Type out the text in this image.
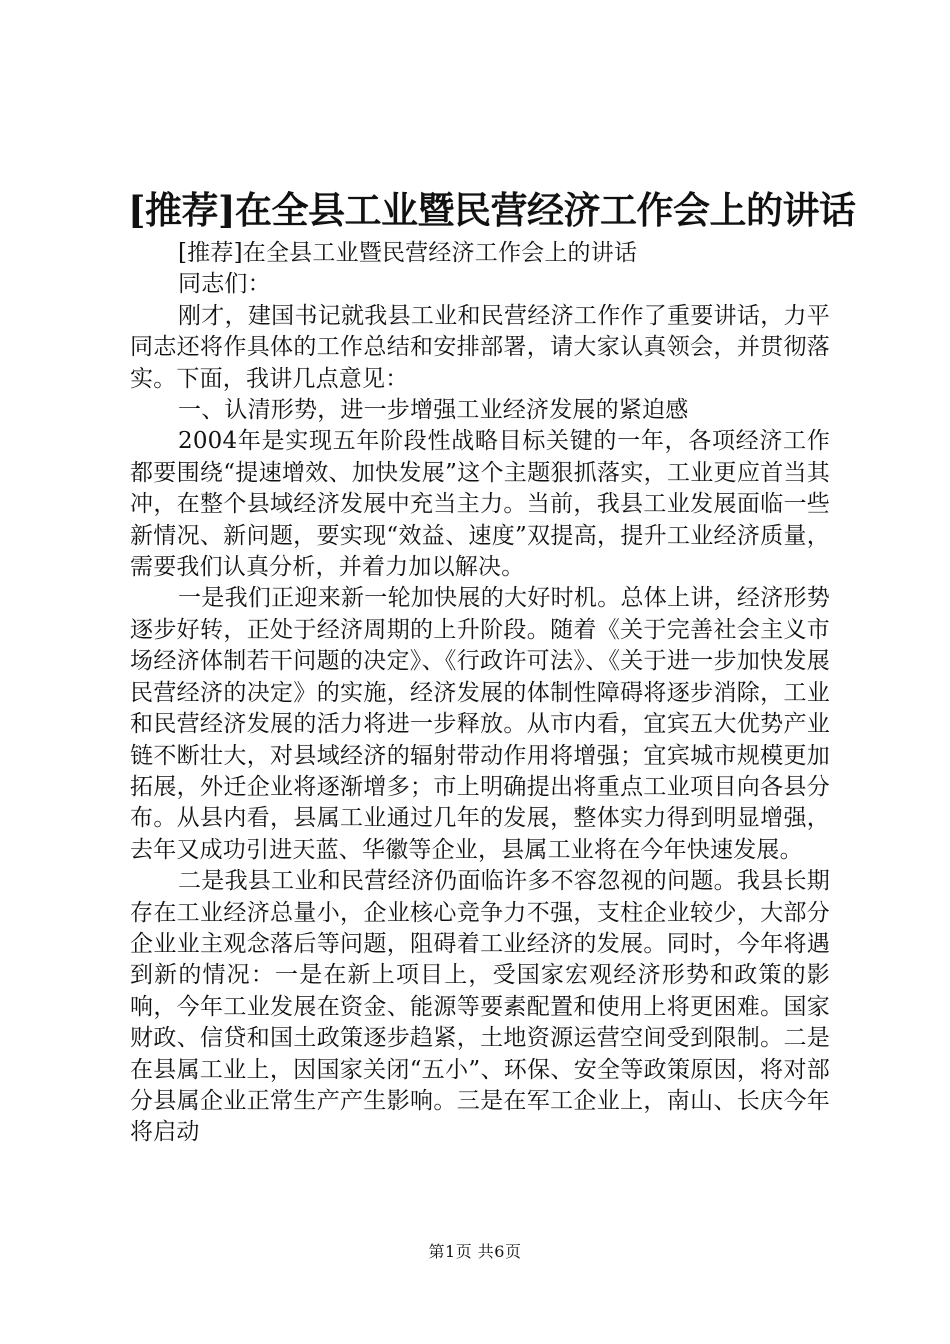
[推荐]在全县工业暨民营经济工作会上的讲话

[推荐]在全县工业暨民营经济工作会上的讲话

同志们：

刚才，建国书记就我县工业和民营经济工作作了重要讲话，力平同志还将作具体的工作总结和安排部署，请大家认真领会，并贯彻落实。下面，我讲几点意见：

一、认清形势，进一步增强工业经济发展的紧迫感

2004年是实现五年阶段性战略目标关键的一年，各项经济工作都要围绕“提速增效、加快发展”这个主题狠抓落实，工业更应首当其冲，在整个县域经济发展中充当主力。当前，我县工业发展面临一些新情况、新问题，要实现“效益、速度”双提高，提升工业经济质量，需要我们认真分析，并着力加以解决。

一是我们正迎来新一轮加快展的大好时机。总体上讲，经济形势逐步好转，正处于经济周期的上升阶段。随着《关于完善社会主义市场经济体制若干问题的决定》、《行政许可法》、《关于进一步加快发展民营经济的决定》的实施，经济发展的体制性障碍将逐步消除，工业和民营经济发展的活力将进一步释放。从市内看，宜宾五大优势产业链不断壮大，对县域经济的辐射带动作用将增强；宜宾城市规模更加拓展，外迁企业将逐渐增多；市上明确提出将重点工业项目向各县分布。从县内看，县属工业通过几年的发展，整体实力得到明显增强，去年又成功引进天蓝、华徽等企业，县属工业将在今年快速发展。

二是我县工业和民营经济仍面临许多不容忽视的问题。我县长期存在工业经济总量小，企业核心竞争力不强，支柱企业较少，大部分企业业主观念落后等问题，阻碍着工业经济的发展。同时，今年将遇到新的情况：一是在新上项目上，受国家宏观经济形势和政策的影响，今年工业发展在资金、能源等要素配置和使用上将更困难。国家财政、信贷和国土政策逐步趋紧，土地资源运营空间受到限制。二是在县属工业上，因国家关闭“五小”、环保、安全等政策原因，将对部分县属企业正常生产产生影响。三是在军工企业上，南山、长庆今年将启动

第1页 共6页
